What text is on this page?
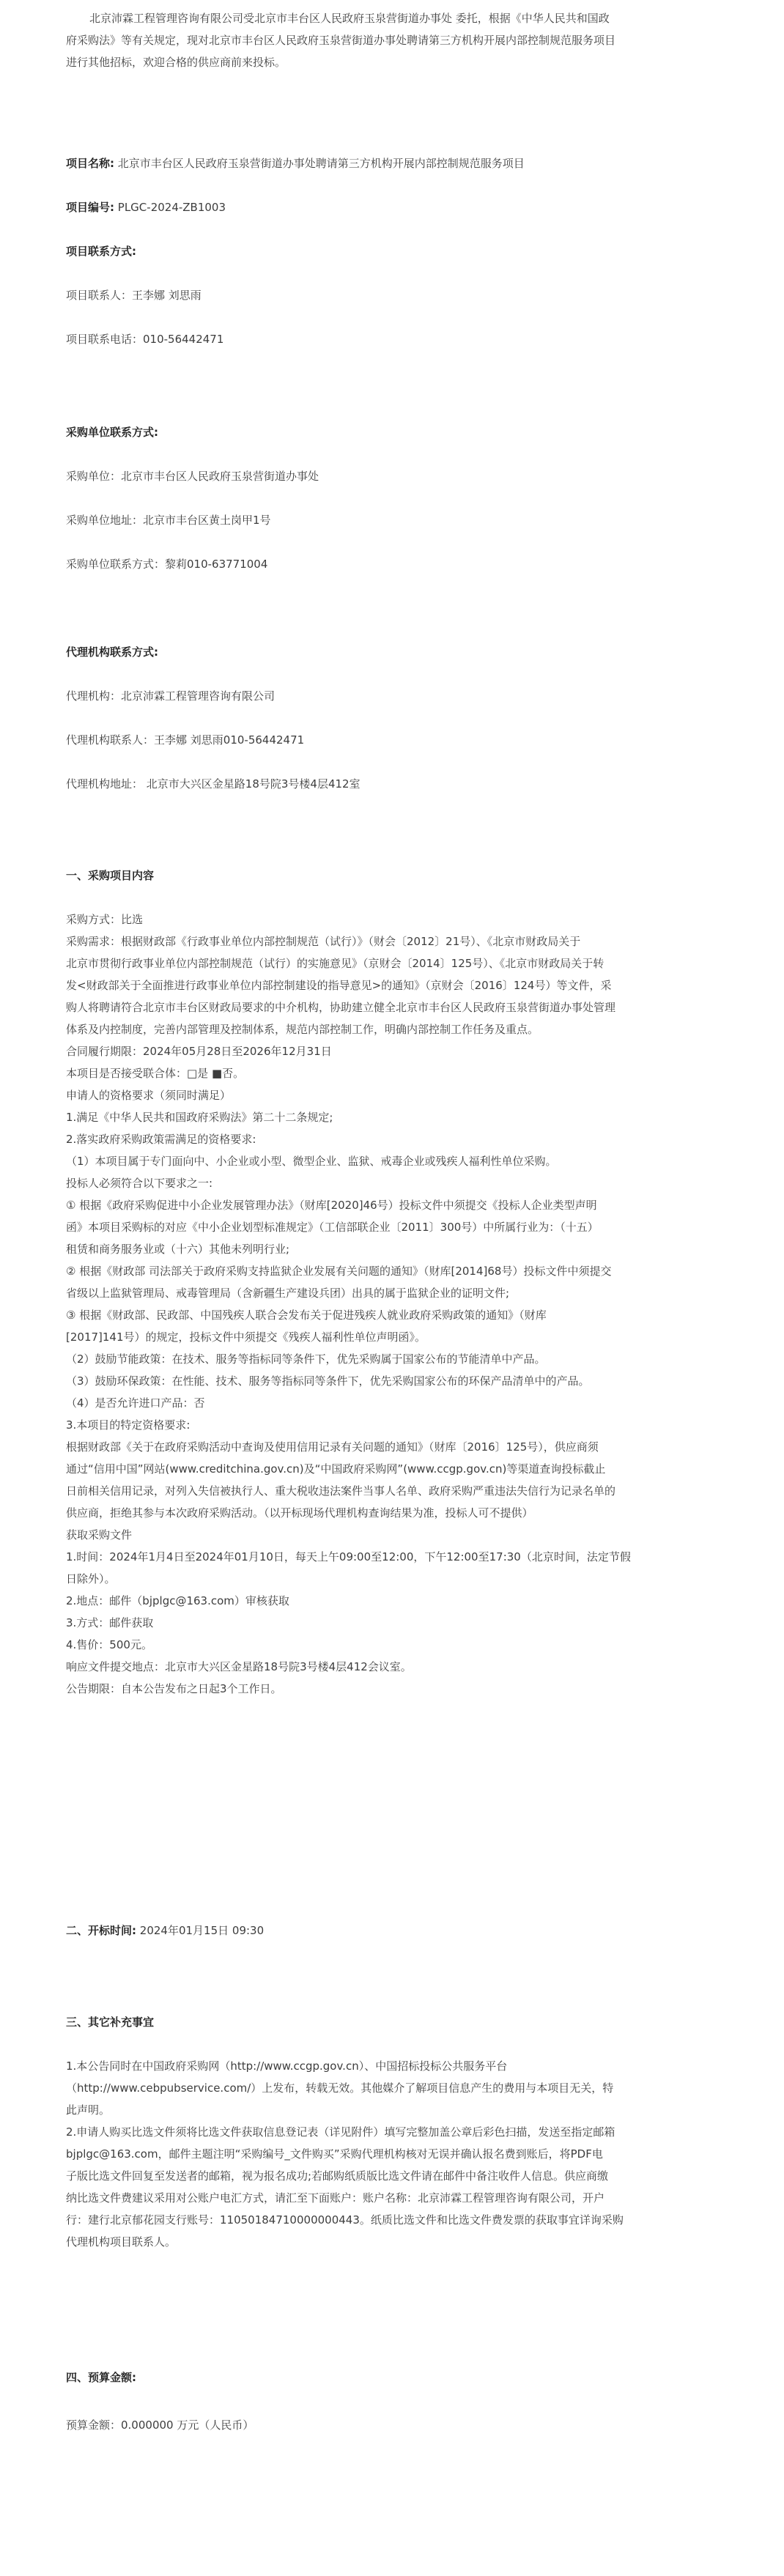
北京沛霖工程管理咨询有限公司受北京市丰台区人民政府玉泉营街道办事处 委托，根据《中华人民共和国政
府采购法》等有关规定，现对北京市丰台区人民政府玉泉营街道办事处聘请第三方机构开展内部控制规范服务项目
进行其他招标，欢迎合格的供应商前来投标。
项目名称: 北京市丰台区人民政府玉泉营街道办事处聘请第三方机构开展内部控制规范服务项目
项目编号: PLGC-2024-ZB1003
项目联系方式:
项目联系人：王李娜 刘思雨
项目联系电话：010-56442471
采购单位联系方式:
采购单位：北京市丰台区人民政府玉泉营街道办事处
采购单位地址：北京市丰台区黄土岗甲1号
采购单位联系方式：黎莉010-63771004
代理机构联系方式:
代理机构：北京沛霖工程管理咨询有限公司
代理机构联系人：王李娜 刘思雨010-56442471
代理机构地址： 北京市大兴区金星路18号院3号楼4层412室
一、采购项目内容
采购方式：比选
采购需求：根据财政部《行政事业单位内部控制规范（试行）》（财会〔2012〕21号）、《北京市财政局关于
北京市贯彻行政事业单位内部控制规范（试行）的实施意见》（京财会〔2014〕125号）、《北京市财政局关于转
发<财政部关于全面推进行政事业单位内部控制建设的指导意见>的通知》（京财会〔2016〕124号）等文件，采
购人将聘请符合北京市丰台区财政局要求的中介机构，协助建立健全北京市丰台区人民政府玉泉营街道办事处管理
体系及内控制度，完善内部管理及控制体系，规范内部控制工作，明确内部控制工作任务及重点。
合同履行期限：2024年05月28日至2026年12月31日
本项目是否接受联合体：□是 ■否。
申请人的资格要求（须同时满足）
1.满足《中华人民共和国政府采购法》第二十二条规定;
2.落实政府采购政策需满足的资格要求:
（1）本项目属于专门面向中、小企业或小型、微型企业、监狱、戒毒企业或残疾人福利性单位采购。
投标人必须符合以下要求之一:
① 根据《政府采购促进中小企业发展管理办法》（财库[2020]46号）投标文件中须提交《投标人企业类型声明
函》本项目采购标的对应《中小企业划型标准规定》（工信部联企业〔2011〕300号）中所属行业为：（十五）
租赁和商务服务业或（十六）其他未列明行业;
② 根据《财政部 司法部关于政府采购支持监狱企业发展有关问题的通知》（财库[2014]68号）投标文件中须提交
省级以上监狱管理局、戒毒管理局（含新疆生产建设兵团）出具的属于监狱企业的证明文件;
③ 根据《财政部、民政部、中国残疾人联合会发布关于促进残疾人就业政府采购政策的通知》（财库
[2017]141号）的规定，投标文件中须提交《残疾人福利性单位声明函》。
（2）鼓励节能政策：在技术、服务等指标同等条件下，优先采购属于国家公布的节能清单中产品。
（3）鼓励环保政策：在性能、技术、服务等指标同等条件下，优先采购国家公布的环保产品清单中的产品。
（4）是否允许进口产品：否
3.本项目的特定资格要求:
根据财政部《关于在政府采购活动中查询及使用信用记录有关问题的通知》（财库〔2016〕125号），供应商须
通过“信用中国”网站(www.creditchina.gov.cn)及“中国政府采购网”(www.ccgp.gov.cn)等渠道查询投标截止
日前相关信用记录，对列入失信被执行人、重大税收违法案件当事人名单、政府采购严重违法失信行为记录名单的
供应商，拒绝其参与本次政府采购活动。（以开标现场代理机构查询结果为准，投标人可不提供）
获取采购文件
1.时间：2024年1月4日至2024年01月10日，每天上午09:00至12:00，下午12:00至17:30（北京时间，法定节假
日除外）。
2.地点：邮件（bjplgc@163.com）审核获取
3.方式：邮件获取
4.售价：500元。
响应文件提交地点：北京市大兴区金星路18号院3号楼4层412会议室。
公告期限：自本公告发布之日起3个工作日。
二、开标时间: 2024年01月15日 09:30
三、其它补充事宜
1.本公告同时在中国政府采购网（http://www.ccgp.gov.cn）、中国招标投标公共服务平台
（http://www.cebpubservice.com/）上发布，转载无效。其他媒介了解项目信息产生的费用与本项目无关，特
此声明。
2.申请人购买比选文件须将比选文件获取信息登记表（详见附件）填写完整加盖公章后彩色扫描，发送至指定邮箱
bjplgc@163.com，邮件主题注明“采购编号_文件购买”采购代理机构核对无误并确认报名费到账后，将PDF电
子版比选文件回复至发送者的邮箱，视为报名成功;若邮购纸质版比选文件请在邮件中备注收件人信息。供应商缴
纳比选文件费建议采用对公账户电汇方式，请汇至下面账户：账户名称：北京沛霖工程管理咨询有限公司，开户
行：建行北京郁花园支行账号：11050184710000000443。纸质比选文件和比选文件费发票的获取事宜详询采购
代理机构项目联系人。
四、预算金额:
预算金额：0.000000 万元（人民币）
